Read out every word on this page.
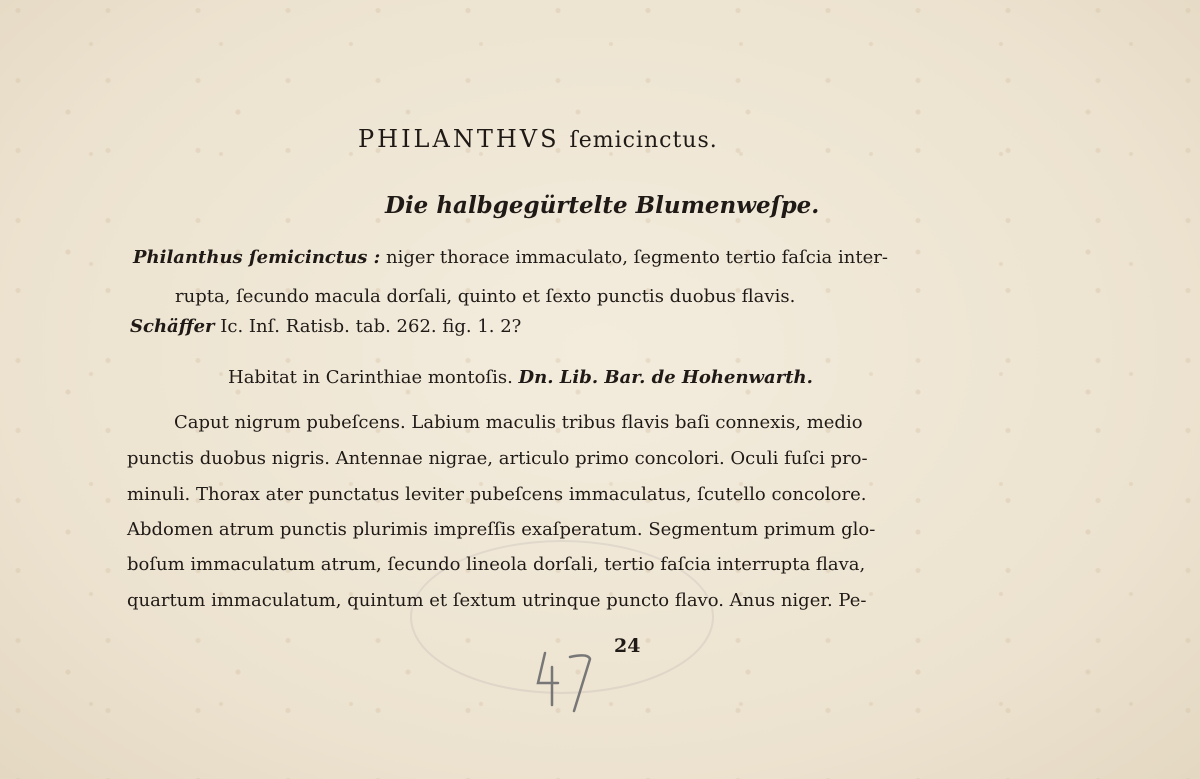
PHILANTHVS ſemicinctus.
Die halbgegürtelte Blumenweſpe.
Philanthus ſemicinctus : niger thorace immaculato, ſegmento tertio faſcia inter-
rupta, ſecundo macula dorſali, quinto et ſexto punctis duobus flavis.
Schäffer Ic. Inſ. Ratisb. tab. 262. fig. 1. 2?
Habitat in Carinthiae montoſis. Dn. Lib. Bar. de Hohenwarth.
Caput nigrum pubeſcens. Labium maculis tribus flavis baſi connexis, medio
punctis duobus nigris. Antennae nigrae, articulo primo concolori. Oculi fuſci pro-
minuli. Thorax ater punctatus leviter pubeſcens immaculatus, ſcutello concolore.
Abdomen atrum punctis plurimis impreſſis exaſperatum. Segmentum primum glo-
boſum immaculatum atrum, ſecundo lineola dorſali, tertio faſcia interrupta flava,
quartum immaculatum, quintum et ſextum utrinque puncto flavo. Anus niger. Pe-
24
